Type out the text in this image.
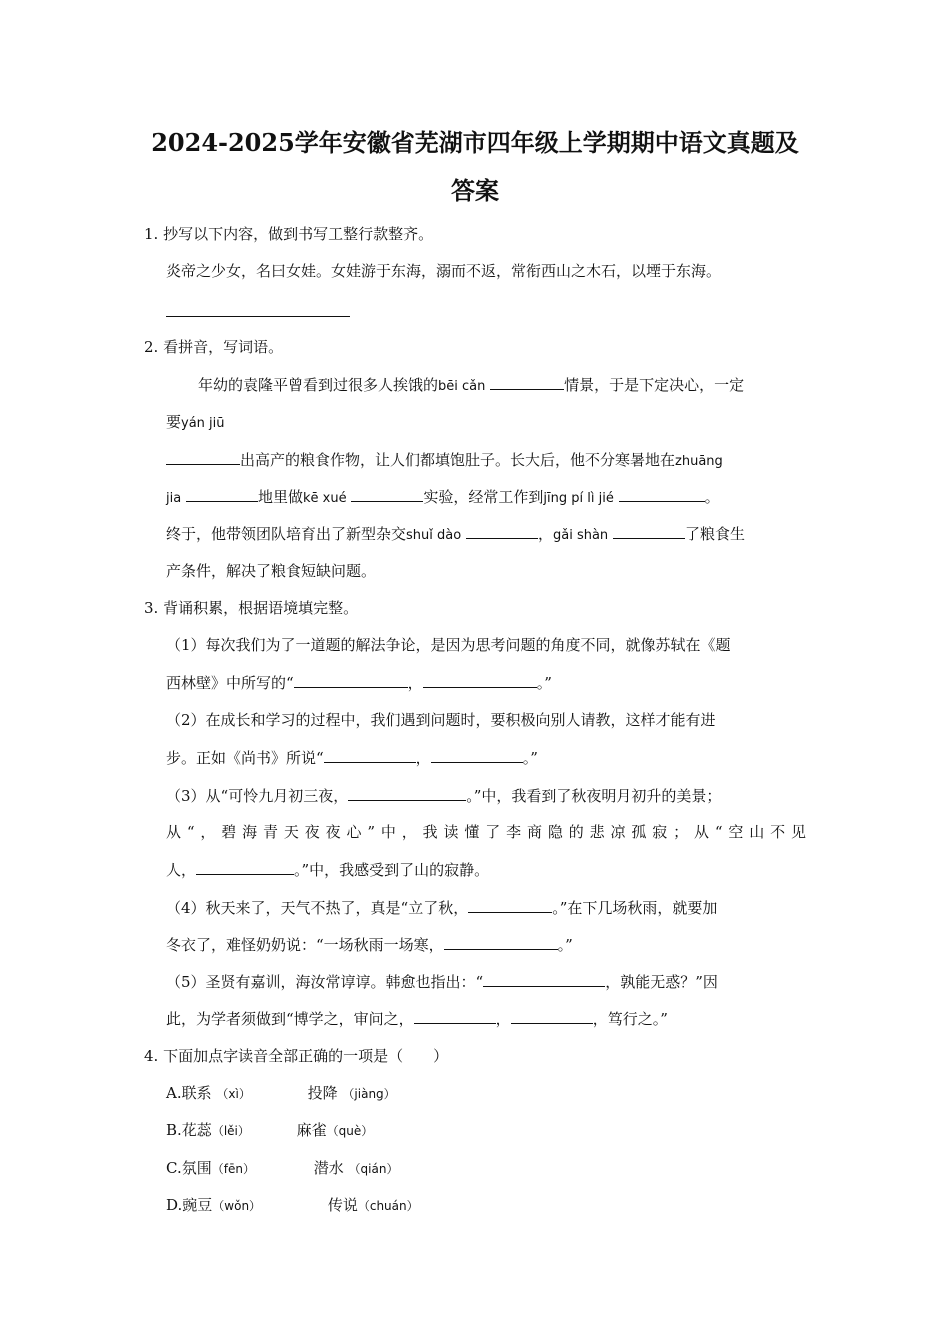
2024-2025学年安徽省芜湖市四年级上学期期中语文真题及
答案
1. 抄写以下内容，做到书写工整行款整齐。
炎帝之少女，名曰女娃。女娃游于东海，溺而不返，常衔西山之木石，以堙于东海。
2. 看拼音，写词语。
年幼的袁隆平曾看到过很多人挨饿的bēi cǎn	情景，于是下定决心，一定
要yán jiū
出高产的粮食作物，让人们都填饱肚子。长大后，他不分寒暑地在zhuāng
jia	地里做kē xué	实验，经常工作到jīng pí lì jié	。
终于，他带领团队培育出了新型杂交shuǐ dào	，gǎi shàn	了粮食生
产条件，解决了粮食短缺问题。
3. 背诵积累，根据语境填完整。
（1）每次我们为了一道题的解法争论，是因为思考问题的角度不同，就像苏轼在《题
西林壁》中所写的“	，	。”
（2）在成长和学习的过程中，我们遇到问题时，要积极向别人请教，这样才能有进
步。正如《尚书》所说“	，	。”
（3）从“可怜九月初三夜，	。”中，我看到了秋夜明月初升的美景；
从“，碧海青天夜夜心”中，我读懂了李商隐的悲凉孤寂；从“空山不见
人，	。”中，我感受到了山的寂静。
（4）秋天来了，天气不热了，真是“立了秋，	。”在下几场秋雨，就要加
冬衣了，难怪奶奶说：“一场秋雨一场寒，	。”
（5）圣贤有嘉训，海汝常谆谆。韩愈也指出：“	，孰能无惑？”因
此，为学者须做到“博学之，审问之，	，	，笃行之。”
4. 下面加点字读音全部正确的一项是（　　）
A.联系 （xì）	投降 （jiàng）
B.花蕊（lěi）	麻雀（què）
C.氛围（fēn）	潜水 （qián）
D.豌豆（wǒn）	传说（chuán）
